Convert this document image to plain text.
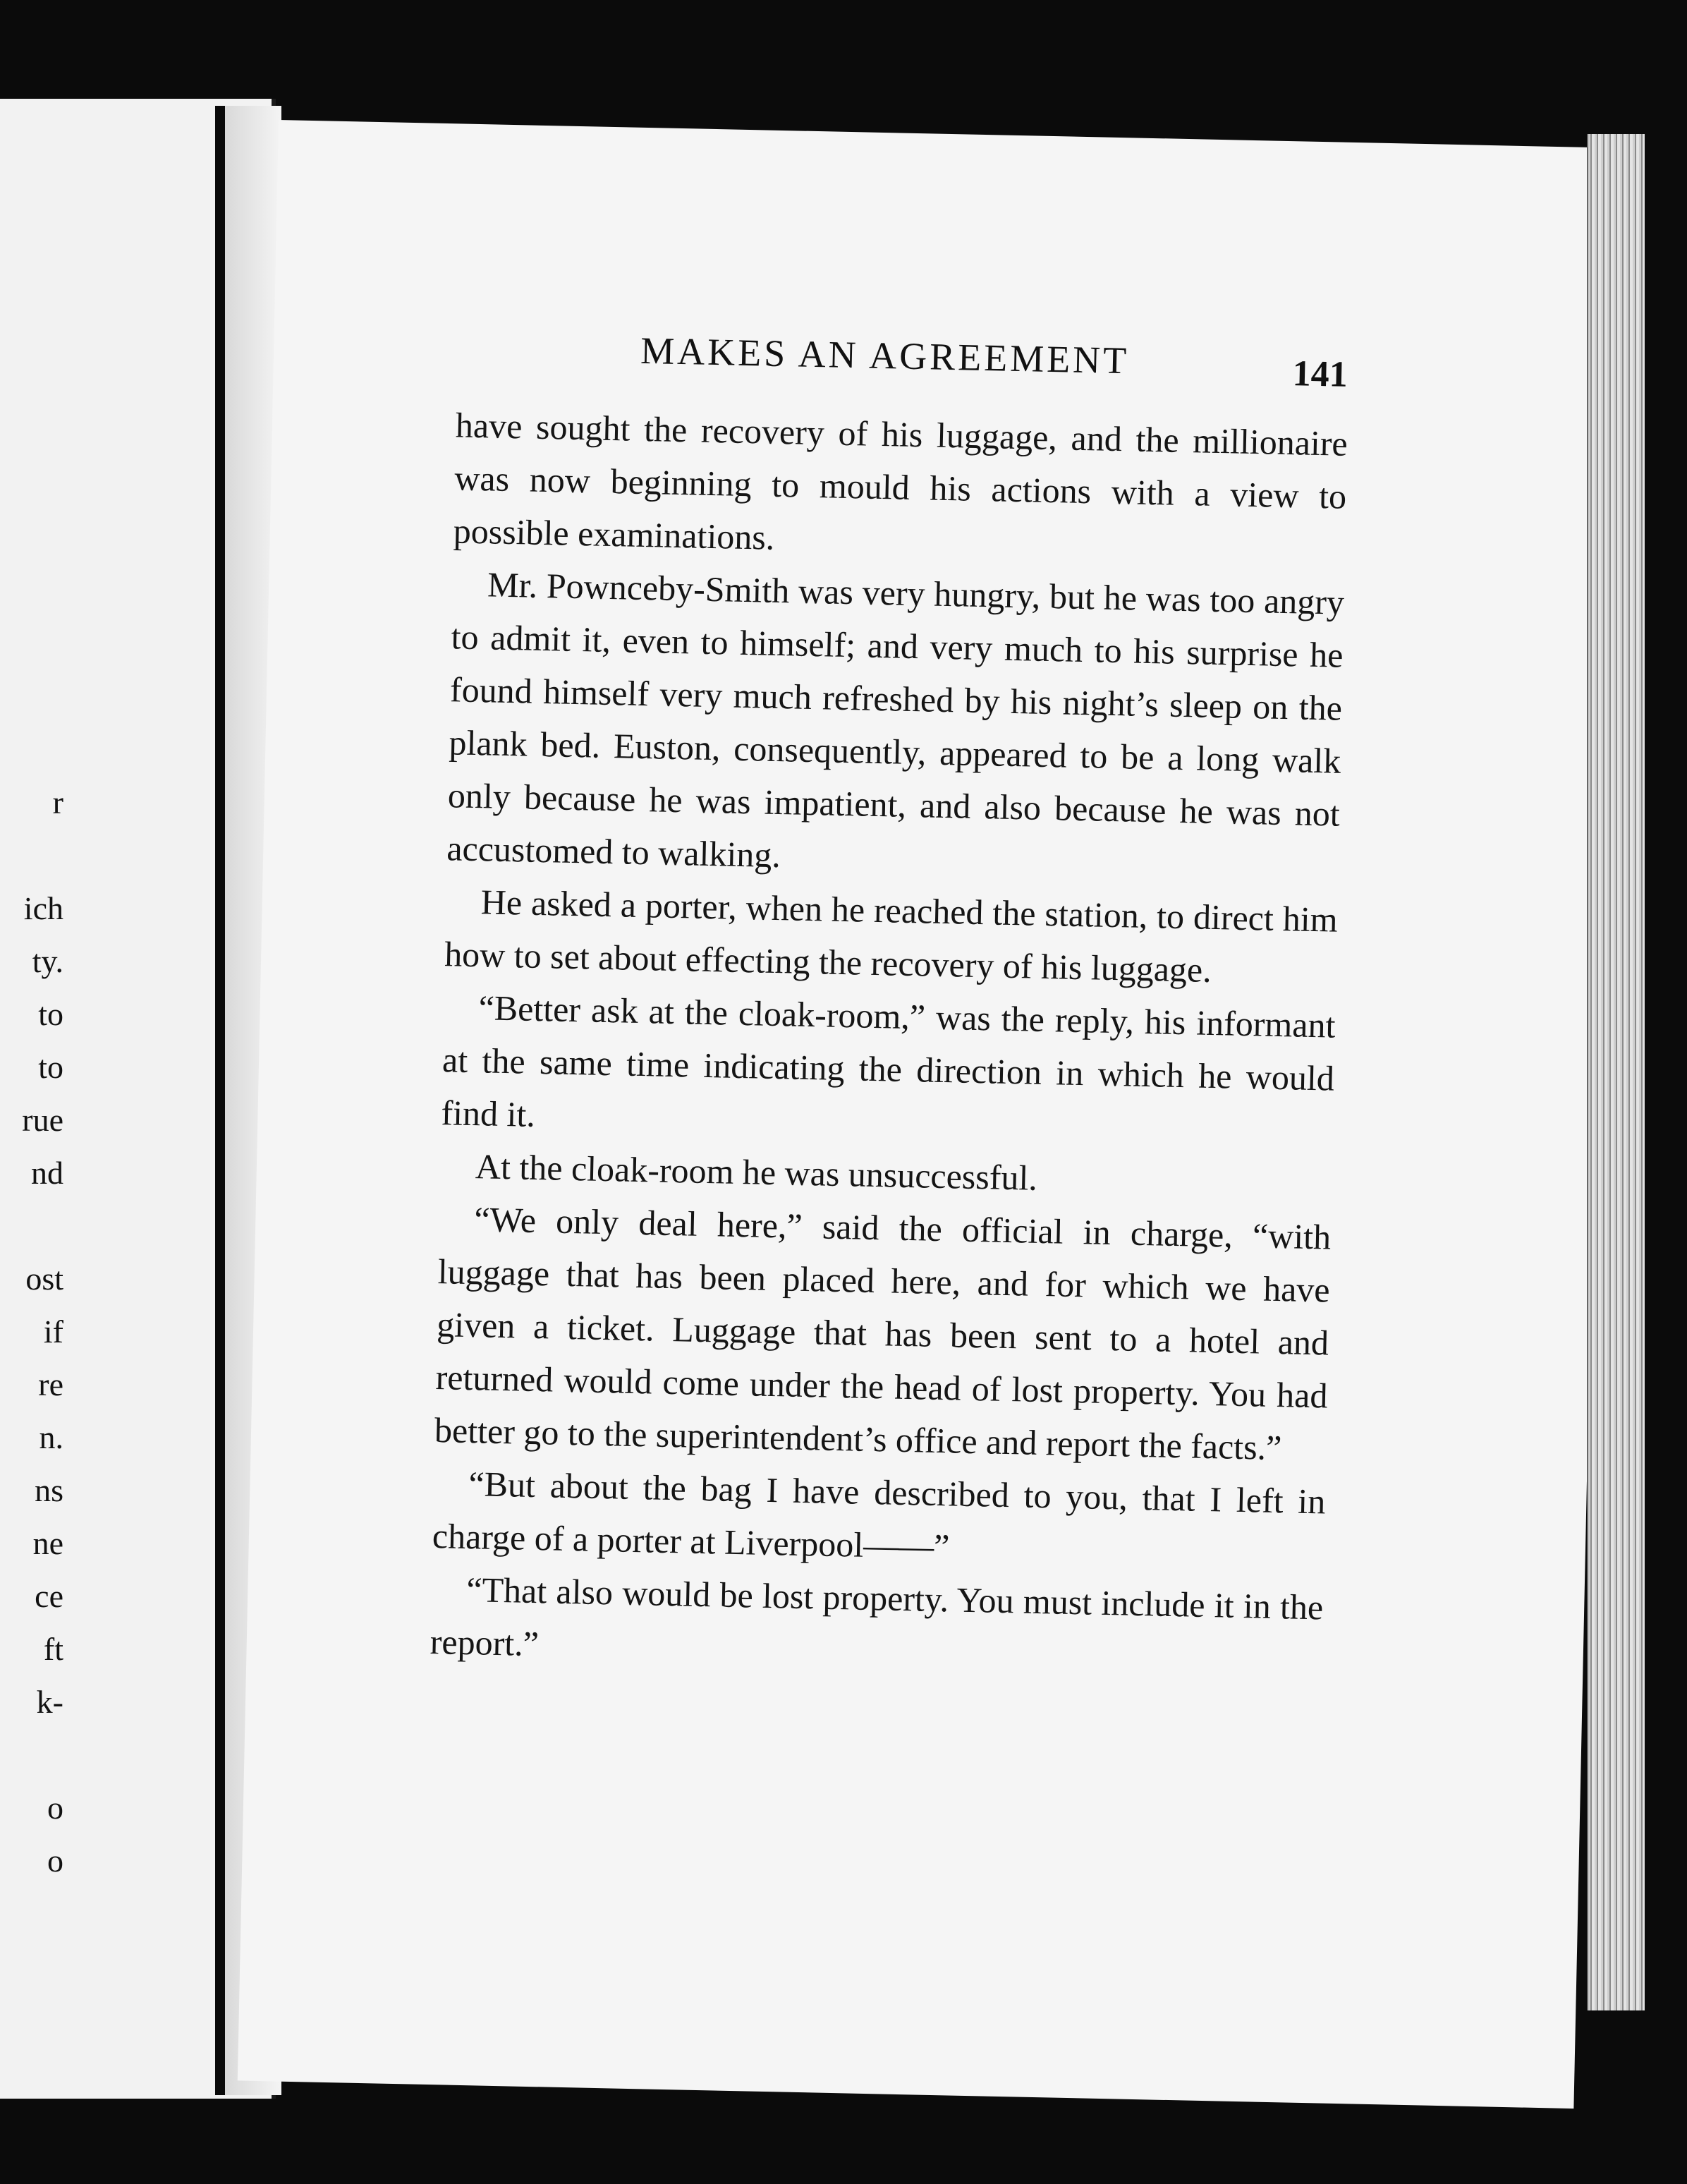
r
ich
ty.
to
to
rue
nd
ost
if
re
n.
ns
ne
ce
ft
k-
o
o
MAKES AN AGREEMENT	141

have sought the recovery of his luggage, and the millionaire was now beginning to mould his actions with a view to possible examinations.

Mr. Pownceby-Smith was very hungry, but he was too angry to admit it, even to himself; and very much to his surprise he found himself very much refreshed by his night’s sleep on the plank bed. Euston, consequently, appeared to be a long walk only because he was impatient, and also because he was not accustomed to walking.

He asked a porter, when he reached the station, to direct him how to set about effecting the recovery of his luggage.

“Better ask at the cloak-room,” was the reply, his informant at the same time indicating the direction in which he would find it.

At the cloak-room he was unsuccessful.

“We only deal here,” said the official in charge, “with luggage that has been placed here, and for which we have given a ticket. Luggage that has been sent to a hotel and returned would come under the head of lost property. You had better go to the superintendent’s office and report the facts.”

“But about the bag I have described to you, that I left in charge of a porter at Liverpool——”

“That also would be lost property. You must include it in the report.”
